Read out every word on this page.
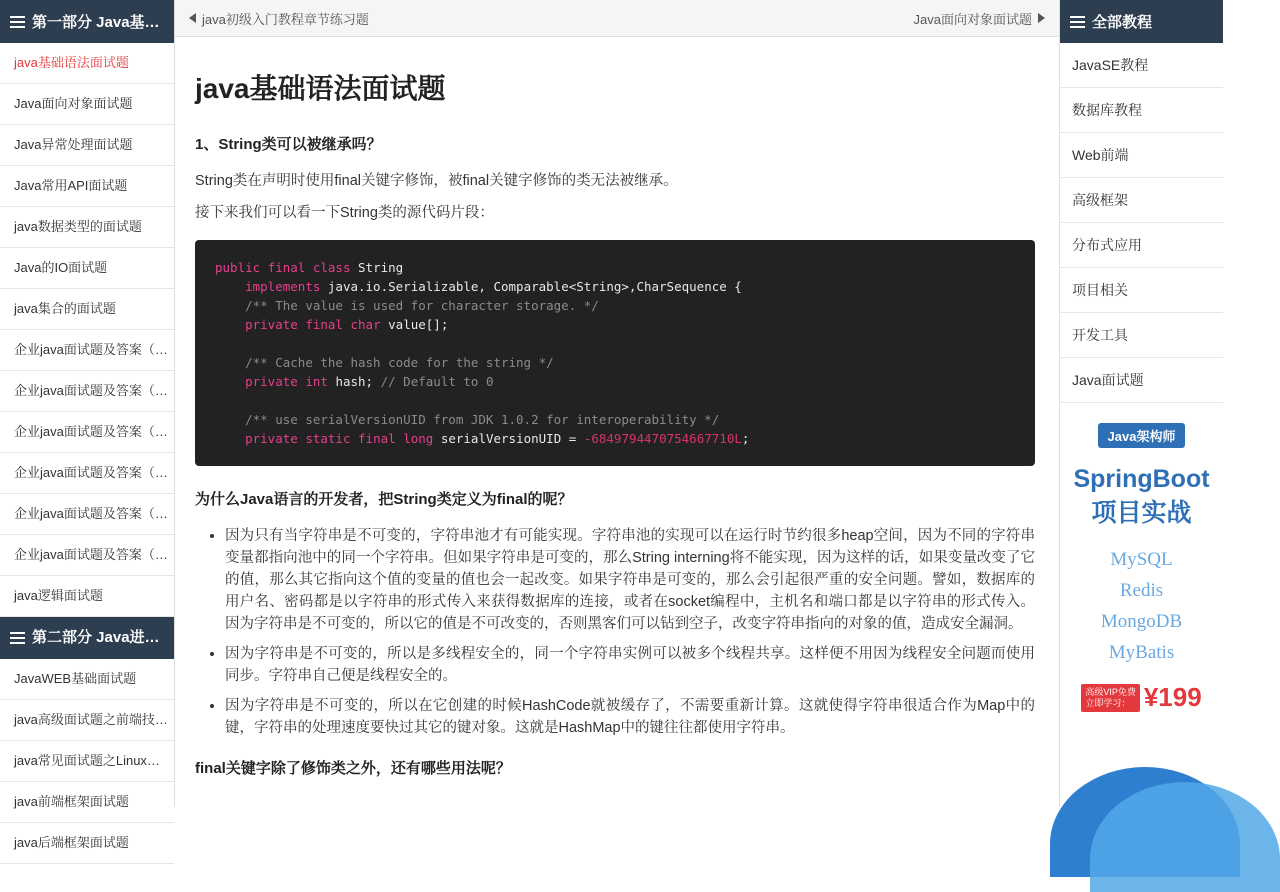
第一部分 Java基…
java基础语法面试题
Java面向对象面试题
Java异常处理面试题
Java常用API面试题
java数据类型的面试题
Java的IO面试题
java集合的面试题
企业java面试题及答案（…
企业java面试题及答案（…
企业java面试题及答案（…
企业java面试题及答案（…
企业java面试题及答案（…
企业java面试题及答案（…
java逻辑面试题
第二部分 Java进…
JavaWEB基础面试题
java高级面试题之前端技…
java常见面试题之Linux…
java前端框架面试题
java后端框架面试题
java初级入门教程章节练习题	Java面向对象面试题
java基础语法面试题
1、String类可以被继承吗？

String类在声明时使用final关键字修饰，被final关键字修饰的类无法被继承。

接下来我们可以看一下String类的源代码片段：

public final class String
implements java.io.Serializable, Comparable<String>,CharSequence {
/** The value is used for character storage. */
private final char value[];

/** Cache the hash code for the string */
private int hash; // Default to 0

/** use serialVersionUID from JDK 1.0.2 for interoperability */
private static final long serialVersionUID = -6849794470754667710L;
为什么Java语言的开发者，把String类定义为final的呢？
• 因为只有当字符串是不可变的，字符串池才有可能实现。字符串池的实现可以在运行时节约很多heap空间，因为不同的字符串变量都指向池中的同一个字符串。但如果字符串是可变的，那么String interning将不能实现，因为这样的话，如果变量改变了它的值，那么其它指向这个值的变量的值也会一起改变。如果字符串是可变的，那么会引起很严重的安全问题。譬如，数据库的用户名、密码都是以字符串的形式传入来获得数据库的连接，或者在socket编程中，主机名和端口都是以字符串的形式传入。因为字符串是不可变的，所以它的值是不可改变的，否则黑客们可以钻到空子，改变字符串指向的对象的值，造成安全漏洞。
• 因为字符串是不可变的，所以是多线程安全的，同一个字符串实例可以被多个线程共享。这样便不用因为线程安全问题而使用同步。字符串自己便是线程安全的。
• 因为字符串是不可变的，所以在它创建的时候HashCode就被缓存了，不需要重新计算。这就使得字符串很适合作为Map中的键，字符串的处理速度要快过其它的键对象。这就是HashMap中的键往往都使用字符串。
final关键字除了修饰类之外，还有哪些用法呢？
全部教程
JavaSE教程
数据库教程
Web前端
高级框架
分布式应用
项目相关
开发工具
Java面试题
Java架构师
SpringBoot
项目实战
MySQL
Redis
MongoDB
MyBatis
高级VIP免费
立即学习： ¥199
